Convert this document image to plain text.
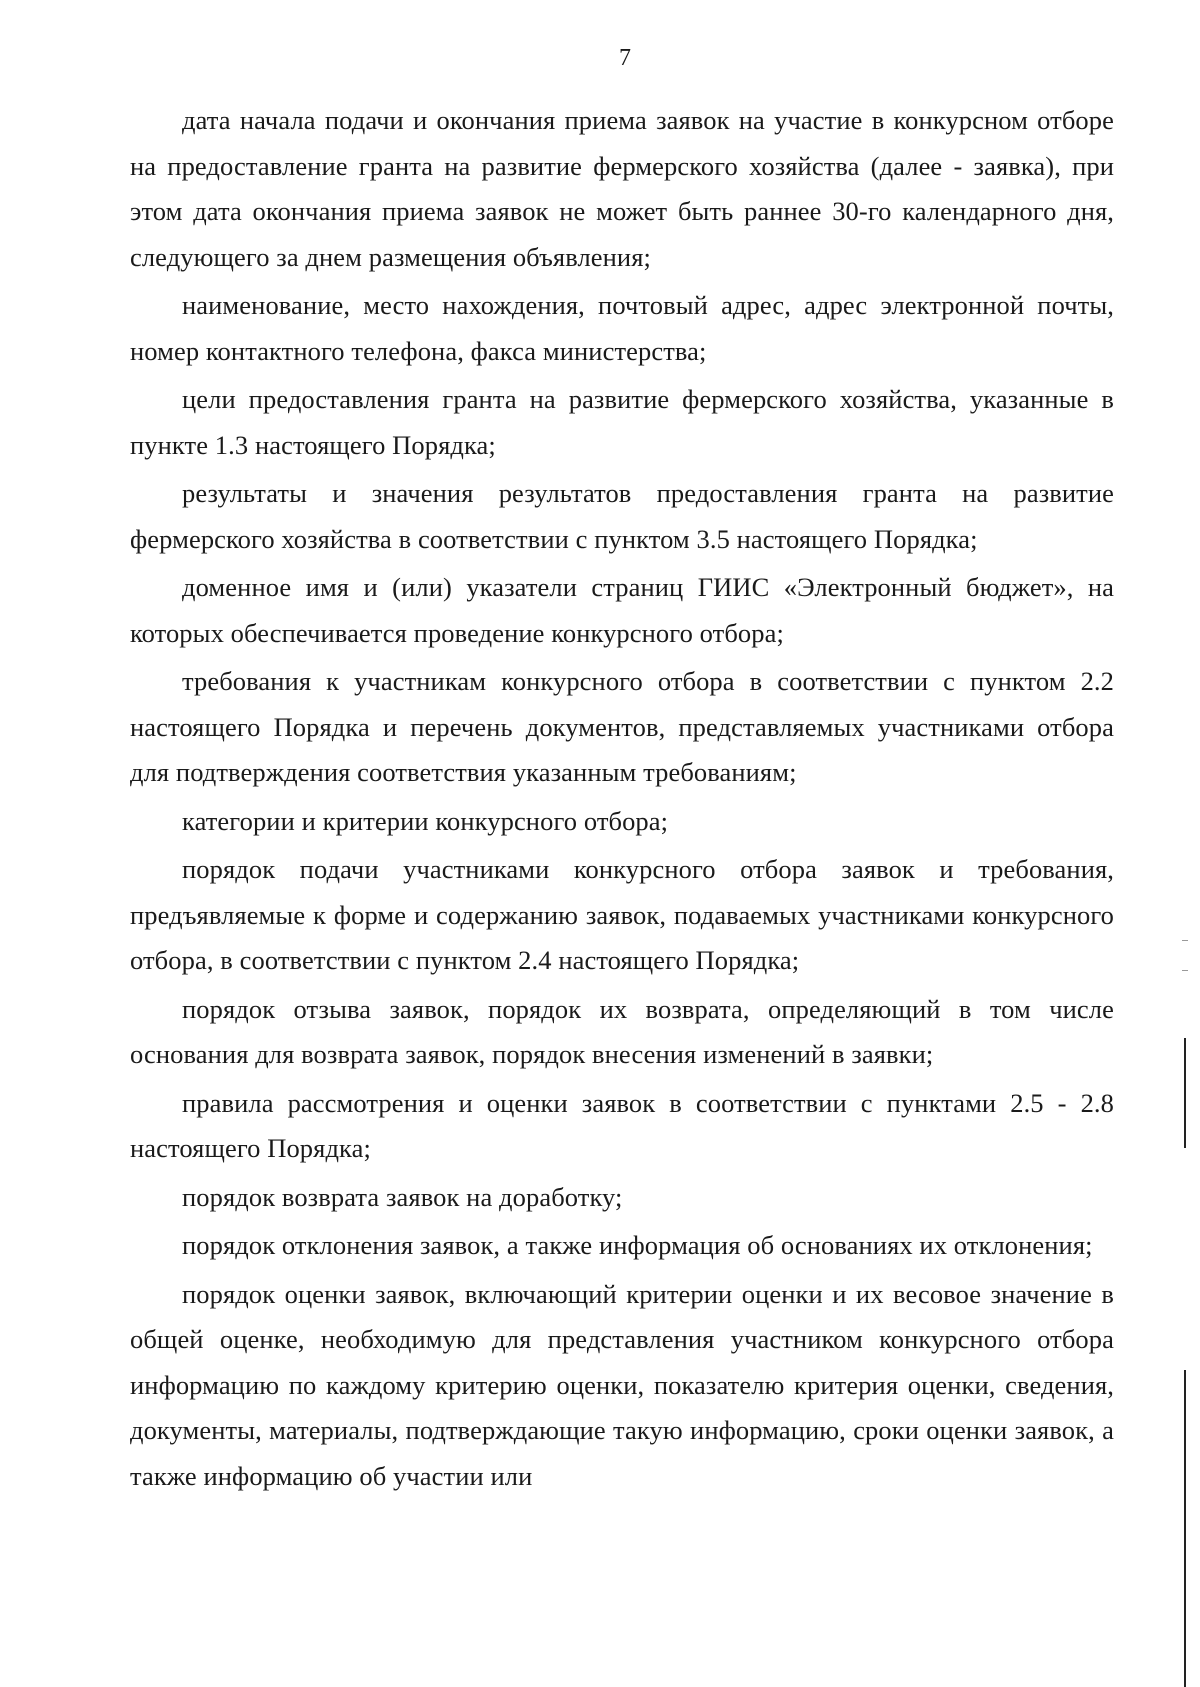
7

дата начала подачи и окончания приема заявок на участие в конкурсном отборе на предоставление гранта на развитие фермерского хозяйства (далее - заявка), при этом дата окончания приема заявок не может быть раннее 30-го календарного дня, следующего за днем размещения объявления;

наименование, место нахождения, почтовый адрес, адрес электронной почты, номер контактного телефона, факса министерства;

цели предоставления гранта на развитие фермерского хозяйства, указанные в пункте 1.3 настоящего Порядка;

результаты и значения результатов предоставления гранта на развитие фермерского хозяйства в соответствии с пунктом 3.5 настоящего Порядка;

доменное имя и (или) указатели страниц ГИИС «Электронный бюджет», на которых обеспечивается проведение конкурсного отбора;

требования к участникам конкурсного отбора в соответствии с пунктом 2.2 настоящего Порядка и перечень документов, представляемых участниками отбора для подтверждения соответствия указанным требованиям;

категории и критерии конкурсного отбора;

порядок подачи участниками конкурсного отбора заявок и требования, предъявляемые к форме и содержанию заявок, подаваемых участниками конкурсного отбора, в соответствии с пунктом 2.4 настоящего Порядка;

порядок отзыва заявок, порядок их возврата, определяющий в том числе основания для возврата заявок, порядок внесения изменений в заявки;

правила рассмотрения и оценки заявок в соответствии с пунктами 2.5 - 2.8 настоящего Порядка;

порядок возврата заявок на доработку;

порядок отклонения заявок, а также информация об основаниях их отклонения;

порядок оценки заявок, включающий критерии оценки и их весовое значение в общей оценке, необходимую для представления участником конкурсного отбора информацию по каждому критерию оценки, показателю критерия оценки, сведения, документы, материалы, подтверждающие такую информацию, сроки оценки заявок, а также информацию об участии или
